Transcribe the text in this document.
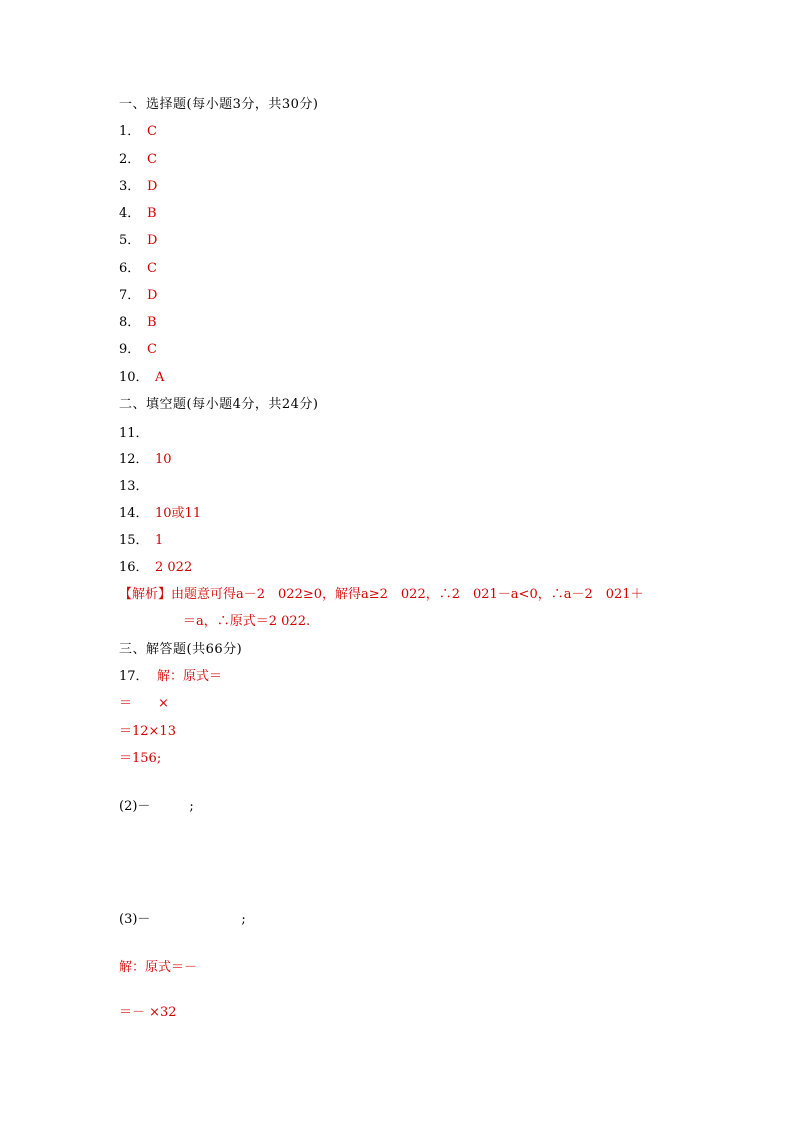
一、选择题(每小题3分，共30分)
1． C
2． C
3． D
4． B
5． D
6． C
7． D
8． B
9． C
10． A
二、填空题(每小题4分，共24分)
11．
12． 10
13．
14． 10或11
15． 1
16． 2 022
【解析】由题意可得a－2　022≥0，解得a≥2　022，∴2　021－a<0，∴a－2　021＋
＝a，∴原式＝2 022.
三、解答题(共66分)
17． 解：原式＝
＝　　×
＝12×13
＝156;
(2)－　　　;
(3)－　　　　　　　;
解：原式＝－
＝－ ×32
